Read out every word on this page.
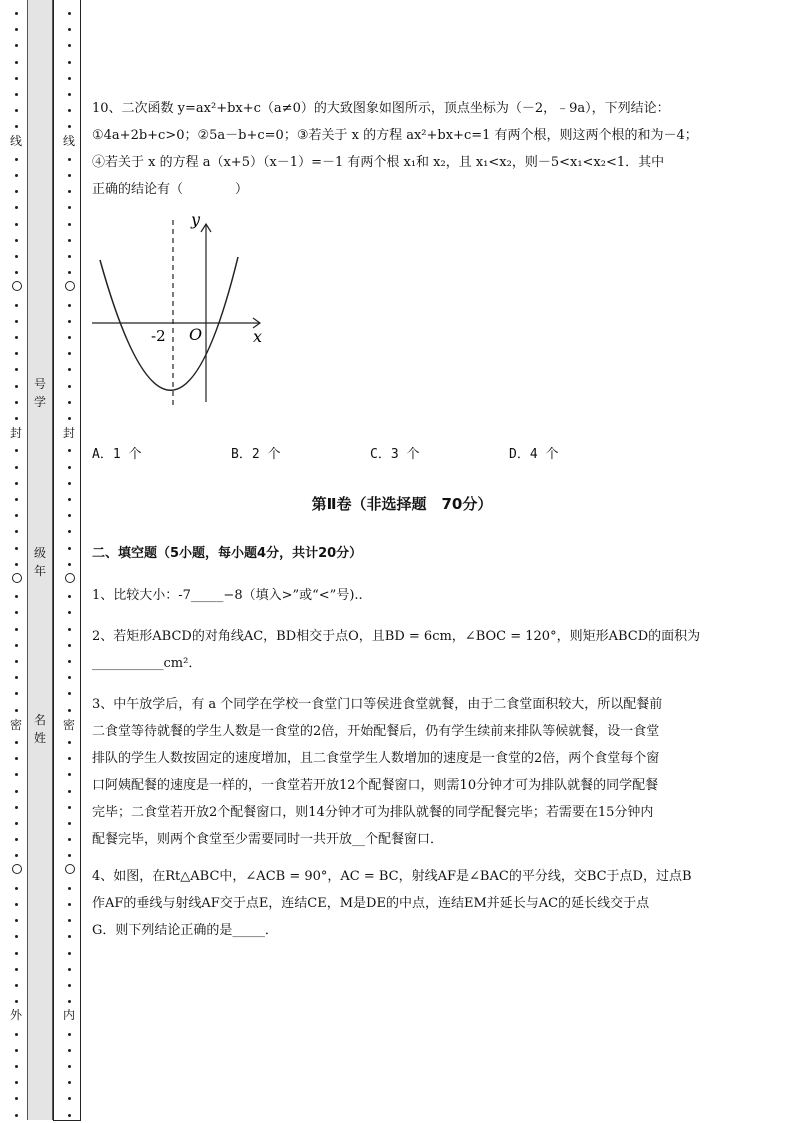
线
封
密
外
线
封
密
内
号学
级年
名姓
10、二次函数 y=ax²+bx+c（a≠0）的大致图象如图所示，顶点坐标为（－2，﹣9a），下列结论：
①4a+2b+c>0；②5a－b+c=0；③若关于 x 的方程 ax²+bx+c=1 有两个根，则这两个根的和为－4；
④若关于 x 的方程 a（x+5）（x－1）=－1 有两个根 x₁和 x₂，且 x₁<x₂，则－5<x₁<x₂<1．其中
正确的结论有（　　　　）
y
x
O
-2
A．1 个	B．2 个	C．3 个	D．4 个
第Ⅱ卷（非选择题　70分）
二、填空题（5小题，每小题4分，共计20分）
1、比较大小：-7_____−8（填入>”或“<”号)..
2、若矩形ABCD的对角线AC，BD相交于点O，且BD = 6cm，∠BOC = 120°，则矩形ABCD的面积为
___________cm²．
3、中午放学后，有 a 个同学在学校一食堂门口等侯进食堂就餐，由于二食堂面积较大，所以配餐前
二食堂等待就餐的学生人数是一食堂的2倍，开始配餐后，仍有学生续前来排队等候就餐，设一食堂
排队的学生人数按固定的速度增加，且二食堂学生人数增加的速度是一食堂的2倍，两个食堂每个窗
口阿姨配餐的速度是一样的，一食堂若开放12个配餐窗口，则需10分钟才可为排队就餐的同学配餐
完毕；二食堂若开放2个配餐窗口，则14分钟才可为排队就餐的同学配餐完毕；若需要在15分钟内
配餐完毕，则两个食堂至少需要同时一共开放__个配餐窗口．
4、如图，在Rt△ABC中，∠ACB = 90°，AC = BC，射线AF是∠BAC的平分线，交BC于点D，过点B
作AF的垂线与射线AF交于点E，连结CE，M是DE的中点，连结EM并延长与AC的延长线交于点
G．则下列结论正确的是_____．
